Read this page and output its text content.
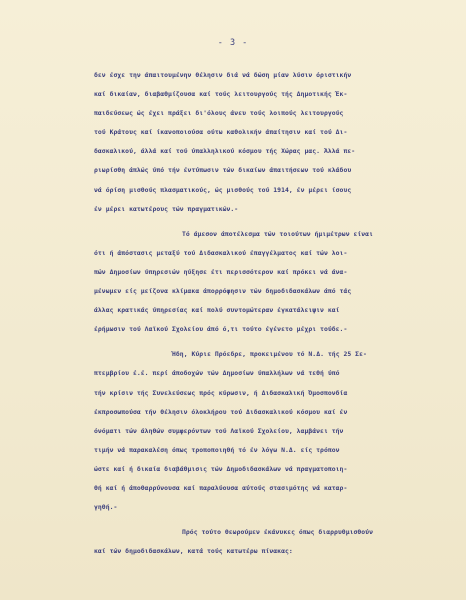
- 3 -
δεν έσχε την άπαιτουμένην θέλησιν διά νά δώση μίαν λύσιν όριστικήν
καί δικαίαν, διαβαθμίζουσα καί τούς λειτουργούς τής Δημοτικής Έκ-
παιδεύσεως ώς έχει πράξει δι'όλους άνευ τούς λοιπούς λειτουργούς
τού Κράτους καί ίκανοποιούσα ούτω καθολικήν άπαίτησιν καί τού Δι-
δασκαλικού, άλλά καί τού ύπαλληλικού κόσμου τής Χώρας μας. Άλλά πε-
ριωρίσθη άπλώς ύπό τήν έντύπωσιν τών δικαίων άπαιτήσεων τού κλάδου
νά όρίση μισθούς πλασματικούς, ώς μισθούς τού 1914, έν μέρει ίσους
έν μέρει κατωτέρους τών πραγματικών.-
Τό άμεσον άποτέλεσμα τών τοιούτων ήμιμέτρων είναι
ότι ή άπόστασις μεταξύ τού Διδασκαλικού έπαγγέλματος καί τών λοι-
πών Δημοσίων ύπηρεσιών ηύξησε έτι περισσότερον καί πρόκει νά άνα-
μένωμεν είς μείζονα κλίμακα άπορρόφησιν τών δημοδιδασκάλων άπό τάς
άλλας κρατικάς ύπηρεσίας καί πολύ συντομώτεραν έγκατάλειψιν καί
έρήμωσιν τού Λαϊκού Σχολείου άπό ό,τι τούτο έγένετο μέχρι τούδε.-
Ήδη, Κύριε Πρόεδρε, προκειμένου τό Ν.Δ. τής 25 Σε-
πτεμβρίου έ.έ. περί άποδοχών τών Δημοσίων ύπαλλήλων νά τεθή ύπό
τήν κρίσιν τής Συνελεύσεως πρός κύρωσιν, ή Διδασκαλική Όμοσπονδία
έκπροσωπούσα τήν θέλησιν όλοκλήρου τού Διδασκαλικού κόσμου καί έν
όνόματι τών άληθών συμφερόντων τού Λαϊκού Σχολείου, λαμβάνει τήν
τιμήν νά παρακαλέση όπως τροποποιηθή τό έν λόγω Ν.Δ. είς τρόπον
ώστε καί ή δικαία διαβάθμισις τών Δημοδιδασκάλων νά πραγματοποιη-
θή καί ή άποθαρρύνουσα καί παραλύουσα αύτούς στασιμότης νά καταρ-
γηθή.-
Πρός τούτο θεωρούμεν έκάνυκες όπως διαρρυθμισθούν
καί τών δημοδιδασκάλων, κατά τούς κατωτέρω πίνακας:
